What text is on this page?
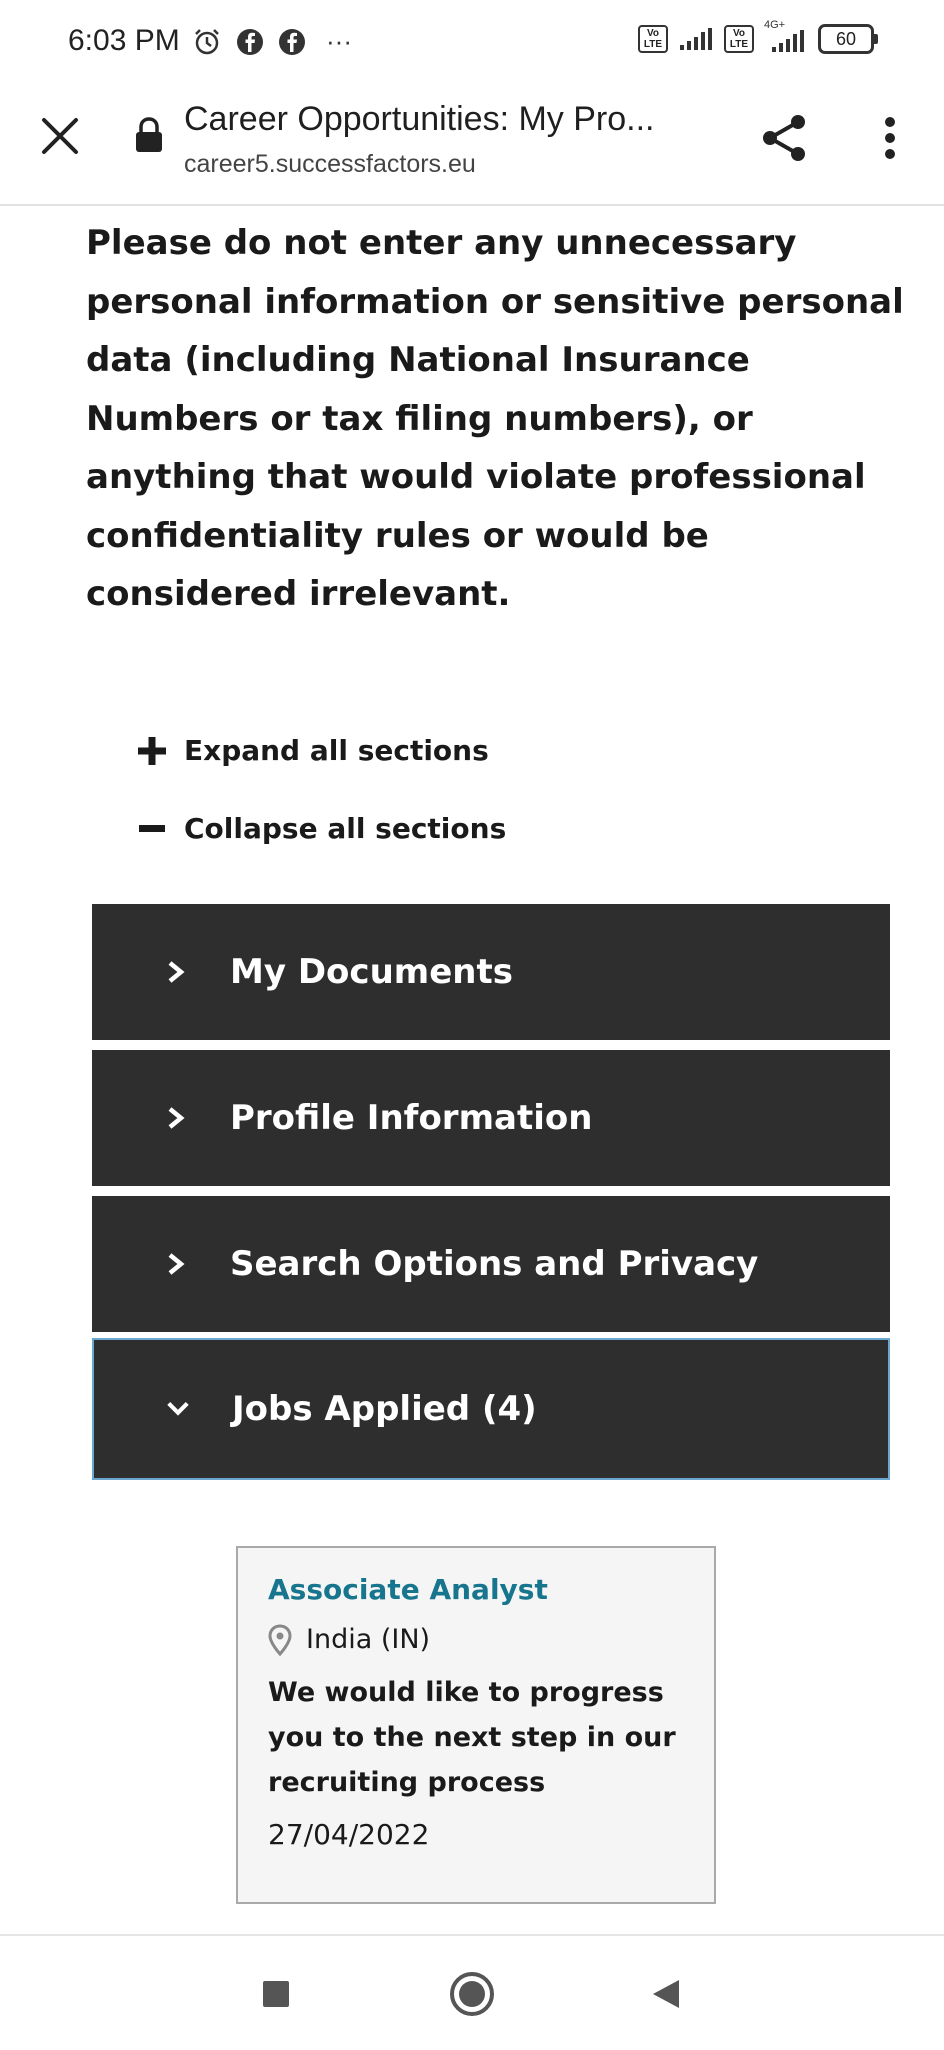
6:03 PM	···	Vo LTE
Vo LTE
4G+
60
Career Opportunities: My Pro...
career5.successfactors.eu

Please do not enter any unnecessary personal information or sensitive personal data (including National Insurance Numbers or tax filing numbers), or anything that would violate professional confidentiality rules or would be considered irrelevant.

Expand all sections
Collapse all sections
My Documents
Profile Information
Search Options and Privacy
Jobs Applied (4)

Associate Analyst

India (IN)
We would like to progress you to the next step in our recruiting process
27/04/2022
